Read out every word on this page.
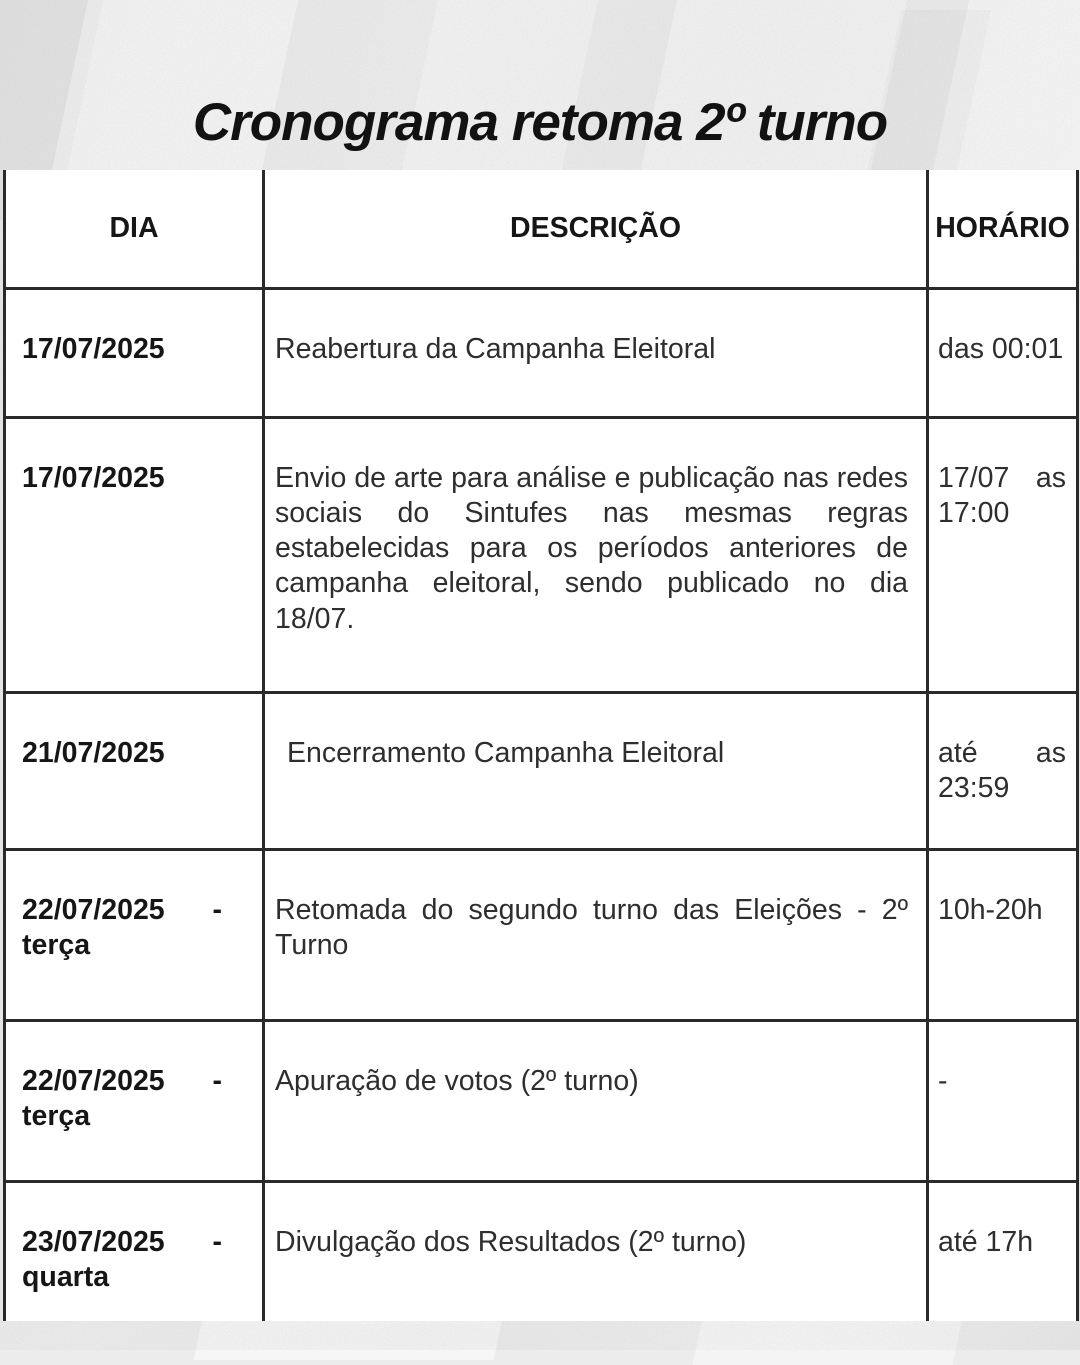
Cronograma retoma 2º turno
DIA	DESCRIÇÃO	HORÁRIO
17/07/2025	Reabertura da Campanha Eleitoral	das 00:01
17/07/2025	Envio de arte para análise e publicação nas redes sociais do Sintufes nas mesmas regras estabelecidas para os períodos anteriores de campanha eleitoral, sendo publicado no dia 18/07.	17/07 as 17:00
21/07/2025	Encerramento Campanha Eleitoral	até as 23:59
22/07/2025 - terça	Retomada do segundo turno das Eleições - 2º Turno	10h-20h
22/07/2025 - terça	Apuração de votos (2º turno)	-
23/07/2025 - quarta	Divulgação dos Resultados (2º turno)	até 17h
